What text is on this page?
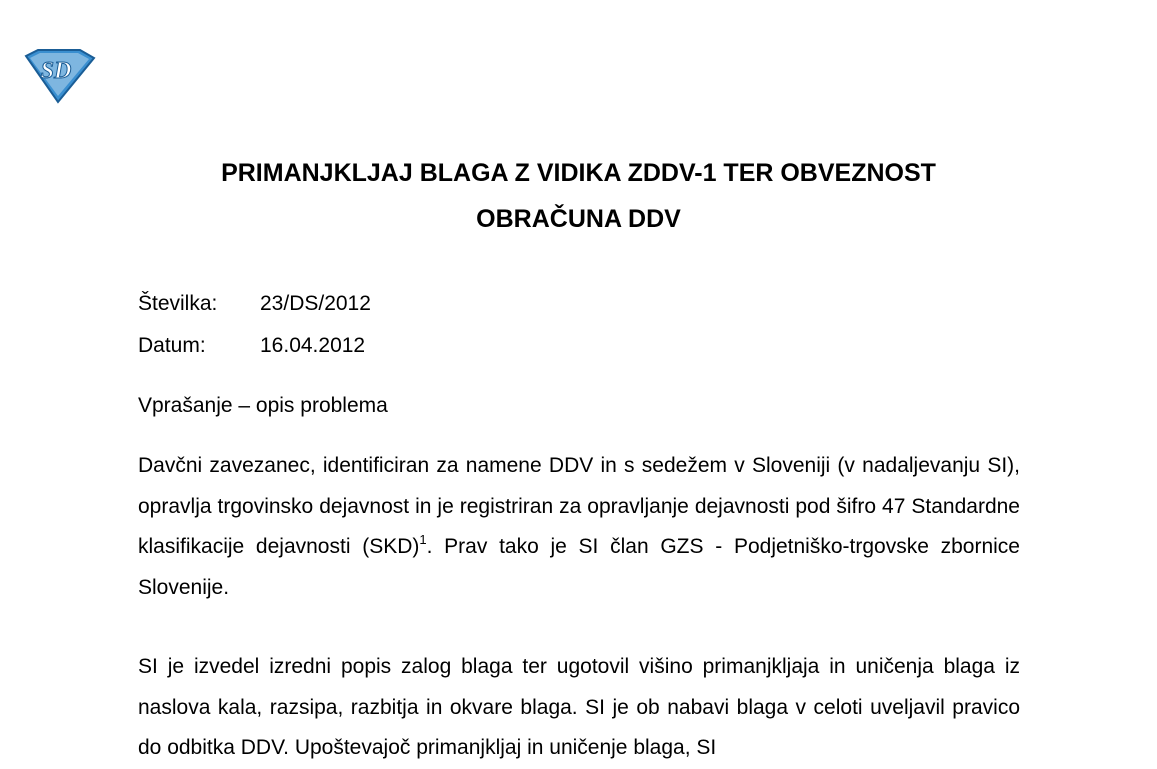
SD
PRIMANJKLJAJ BLAGA Z VIDIKA ZDDV-1 TER OBVEZNOST
OBRAČUNA DDV
Številka:	23/DS/2012
Datum:	16.04.2012
Vprašanje – opis problema

Davčni zavezanec, identificiran za namene DDV in s sedežem v Sloveniji (v nadaljevanju SI), opravlja trgovinsko dejavnost in je registriran za opravljanje dejavnosti pod šifro 47 Standardne klasifikacije dejavnosti (SKD)$^1$. Prav tako je SI član GZS - Podjetniško-trgovske zbornice Slovenije.

SI je izvedel izredni popis zalog blaga ter ugotovil višino primanjkljaja in uničenja blaga iz naslova kala, razsipa, razbitja in okvare blaga. SI je ob nabavi blaga v celoti uveljavil pravico do odbitka DDV. Upoštevajoč primanjkljaj in uničenje blaga, SI
